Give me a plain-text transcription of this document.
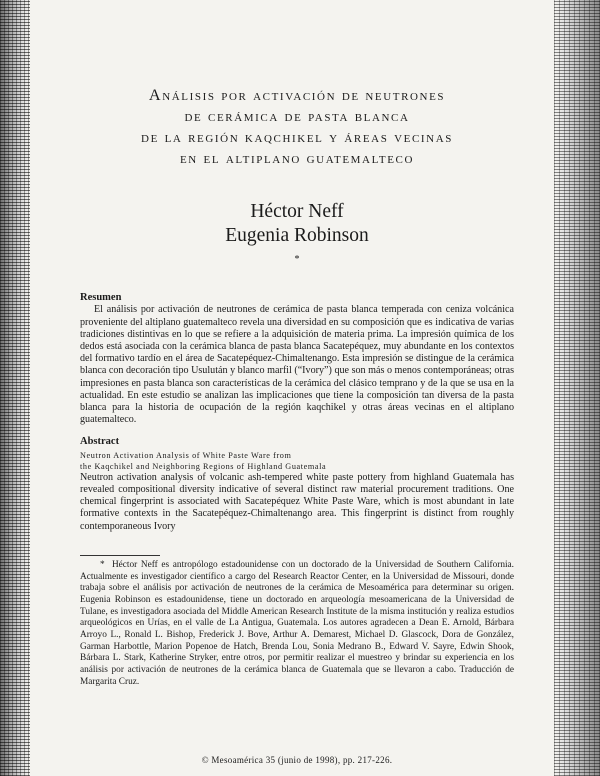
Análisis por activación de neutrones
de cerámica de pasta blanca
de la región kaqchikel y áreas vecinas
en el altiplano guatemalteco
Héctor Neff
Eugenia Robinson
*

Resumen

El análisis por activación de neutrones de cerámica de pasta blanca temperada con ceniza volcánica proveniente del altiplano guatemalteco revela una diversidad en su composición que es indicativa de varias tradiciones distintivas en lo que se refiere a la adquisición de materia prima. La impresión química de los dedos está asociada con la cerámica blanca de pasta blanca Sacatepéquez, muy abundante en los contextos del formativo tardío en el área de Sacatepéquez-Chimaltenango. Esta impresión se distingue de la cerámica blanca con decoración tipo Usulután y blanco marfil (“Ivory”) que son más o menos contemporáneas; otras impresiones en pasta blanca son características de la cerámica del clásico temprano y de la que se usa en la actualidad. En este estudio se analizan las implicaciones que tiene la composición tan diversa de la pasta blanca para la historia de ocupación de la región kaqchikel y otras áreas vecinas en el altiplano guatemalteco.

Abstract

Neutron Activation Analysis of White Paste Ware from
the Kaqchikel and Neighboring Regions of Highland Guatemala

Neutron activation analysis of volcanic ash-tempered white paste pottery from highland Guatemala has revealed compositional diversity indicative of several distinct raw material procurement traditions. One chemical fingerprint is associated with Sacatepéquez White Paste Ware, which is most abundant in late formative contexts in the Sacatepéquez-Chimaltenango area. This fingerprint is distinct from roughly contemporaneous Ivory

* Héctor Neff es antropólogo estadounidense con un doctorado de la Universidad de Southern California. Actualmente es investigador científico a cargo del Research Reactor Center, en la Universidad de Missouri, donde trabaja sobre el análisis por activación de neutrones de la cerámica de Mesoamérica para determinar su origen. Eugenia Robinson es estadounidense, tiene un doctorado en arqueología mesoamericana de la Universidad de Tulane, es investigadora asociada del Middle American Research Institute de la misma institución y realiza estudios arqueológicos en Urías, en el valle de La Antigua, Guatemala. Los autores agradecen a Dean E. Arnold, Bárbara Arroyo L., Ronald L. Bishop, Frederick J. Bove, Arthur A. Demarest, Michael D. Glascock, Dora de González, Garman Harbottle, Marion Popenoe de Hatch, Brenda Lou, Sonia Medrano B., Edward V. Sayre, Edwin Shook, Bárbara L. Stark, Katherine Stryker, entre otros, por permitir realizar el muestreo y brindar su experiencia en los análisis por activación de neutrones de la cerámica blanca de Guatemala que se llevaron a cabo. Traducción de Margarita Cruz.

© Mesoamérica 35 (junio de 1998), pp. 217-226.
